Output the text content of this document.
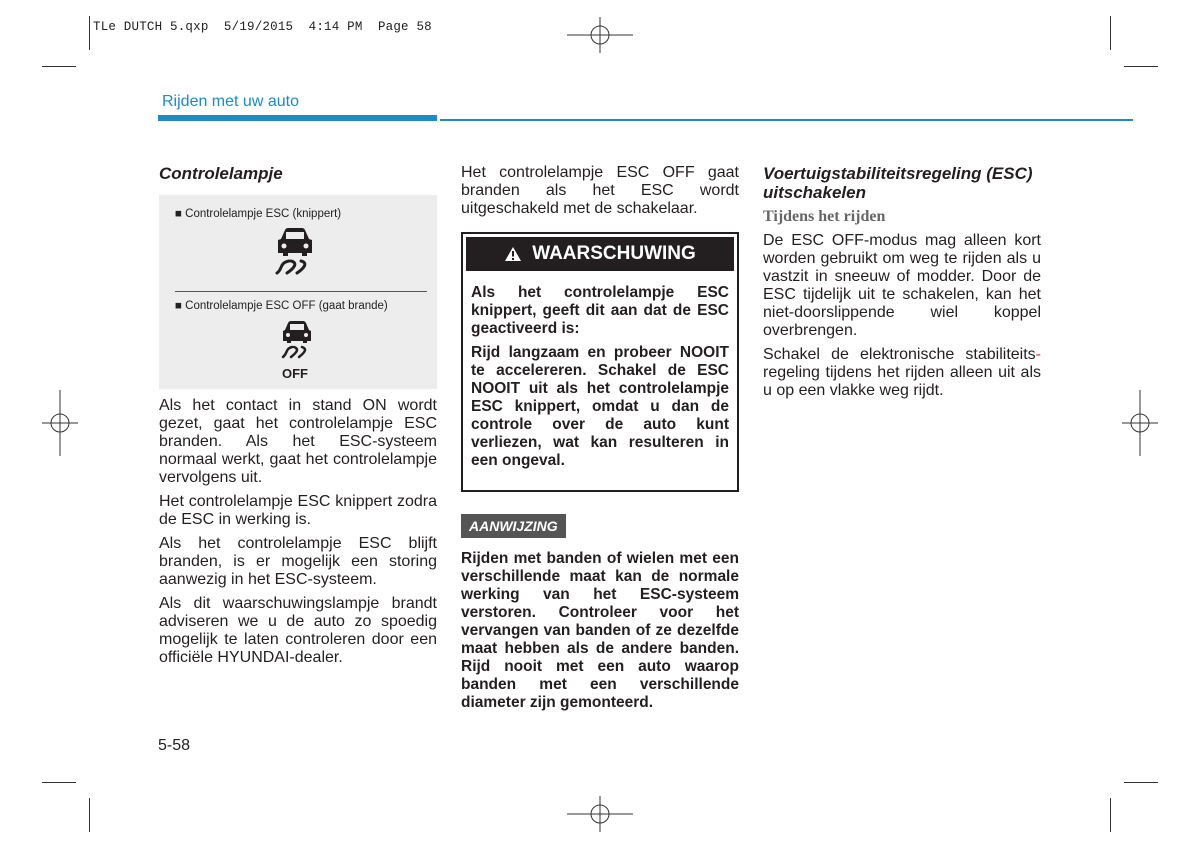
TLe DUTCH 5.qxp  5/19/2015  4:14 PM  Page 58
Rijden met uw auto
Controlelampje
■ Controlelampje ESC (knippert)
■ Controlelampje ESC OFF (gaat brande)
OFF

Als het contact in stand ON wordt gezet, gaat het controlelampje ESC branden. Als het ESC-systeem normaal werkt, gaat het controlelampje vervolgens uit.

Het controlelampje ESC knippert zodra de ESC in werking is.

Als het controlelampje ESC blijft branden, is er mogelijk een storing aanwezig in het ESC-systeem.

Als dit waarschuwingslampje brandt adviseren we u de auto zo spoedig mogelijk te laten controleren door een officiële HYUNDAI-dealer.

Het controlelampje ESC OFF gaat branden als het ESC wordt uitgeschakeld met de schakelaar.

WAARSCHUWING

Als het controlelampje ESC knippert, geeft dit aan dat de ESC geactiveerd is:

Rijd langzaam en probeer NOOIT te accelereren. Schakel de ESC NOOIT uit als het controlelampje ESC knippert, omdat u dan de controle over de auto kunt verliezen, wat kan resulteren in een ongeval.

AANWIJZING
Rijden met banden of wielen met een verschillende maat kan de normale werking van het ESC-systeem verstoren. Controleer voor het vervangen van banden of ze dezelfde maat hebben als de andere banden. Rijd nooit met een auto waarop banden met een verschillende diameter zijn gemonteerd.
Voertuigstabiliteitsregeling (ESC) uitschakelen
Tijdens het rijden

De ESC OFF-modus mag alleen kort worden gebruikt om weg te rijden als u vastzit in sneeuw of modder. Door de ESC tijdelijk uit te schakelen, kan het niet-doorslippende wiel koppel overbrengen.

Schakel de elektronische stabiliteits- regeling tijdens het rijden alleen uit als u op een vlakke weg rijdt.

5-58
